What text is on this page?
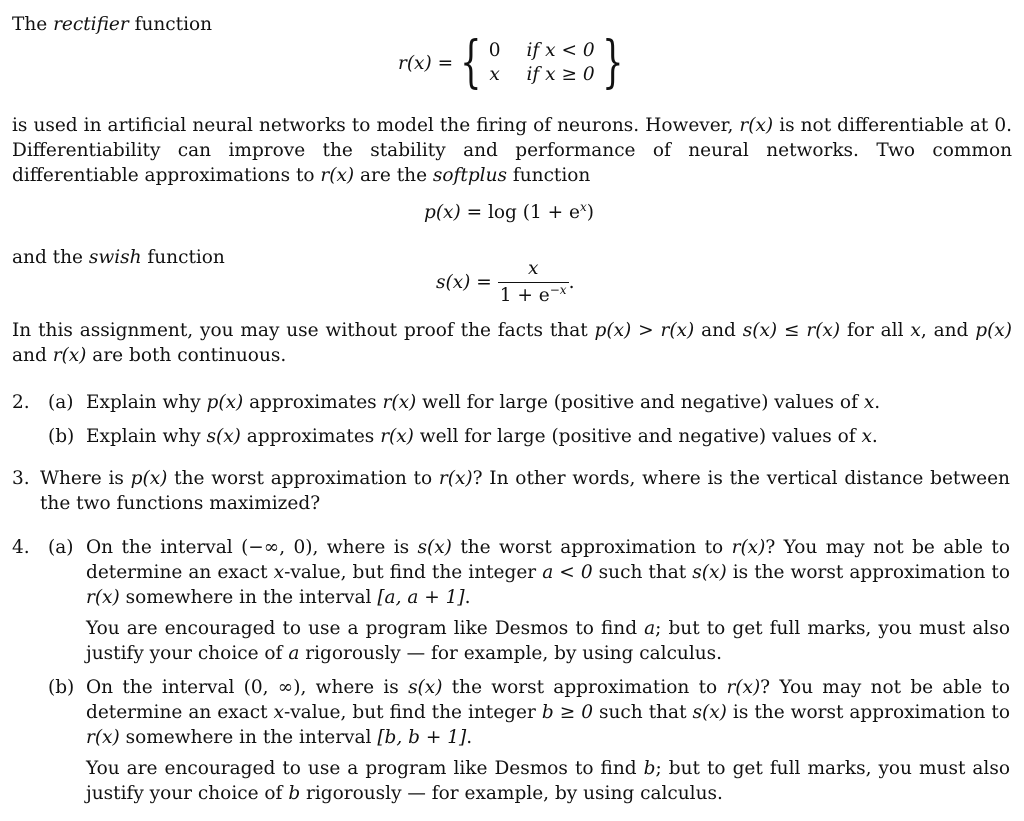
The rectifier function
r(x) = { 0 if x < 0
x if x ≥ 0 }
is used in artificial neural networks to model the firing of neurons. However, r(x) is not differentiable at 0. Differentiability can improve the stability and performance of neural networks. Two common differentiable approximations to r(x) are the softplus function
$p(x) = \log (1 + e^x)$
and the swish function
$s(x) = \frac{x}{1 + e^{-x}}$ .
In this assignment, you may use without proof the facts that p(x) > r(x) and s(x) ≤ r(x) for all x, and p(x) and r(x) are both continuous.
2. (a) Explain why p(x) approximates r(x) well for large (positive and negative) values of x.
(b) Explain why s(x) approximates r(x) well for large (positive and negative) values of x.
3. Where is p(x) the worst approximation to r(x)? In other words, where is the vertical distance between the two functions maximized?
4. (a) On the interval (−∞, 0), where is s(x) the worst approximation to r(x)? You may not be able to determine an exact x-value, but find the integer a < 0 such that s(x) is the worst approximation to r(x) somewhere in the interval [a, a + 1].
You are encouraged to use a program like Desmos to find a; but to get full marks, you must also justify your choice of a rigorously — for example, by using calculus.
(b) On the interval (0, ∞), where is s(x) the worst approximation to r(x)? You may not be able to determine an exact x-value, but find the integer b ≥ 0 such that s(x) is the worst approximation to r(x) somewhere in the interval [b, b + 1].
You are encouraged to use a program like Desmos to find b; but to get full marks, you must also justify your choice of b rigorously — for example, by using calculus.
